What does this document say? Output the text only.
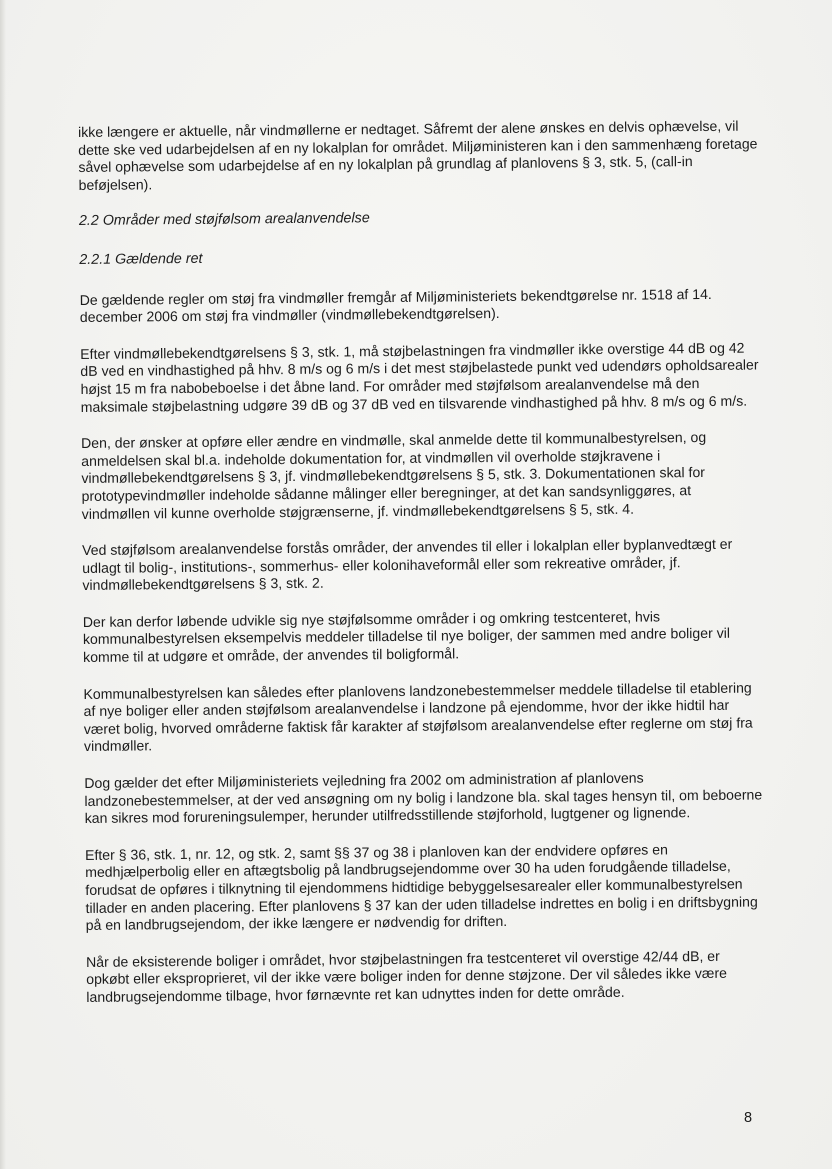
ikke længere er aktuelle, når vindmøllerne er nedtaget. Såfremt der alene ønskes en delvis ophævelse, vil dette ske ved udarbejdelsen af en ny lokalplan for området. Miljøministeren kan i den sammenhæng foretage såvel ophævelse som udarbejdelse af en ny lokalplan på grundlag af planlovens § 3, stk. 5, (call-in beføjelsen).

2.2 Områder med støjfølsom arealanvendelse

2.2.1 Gældende ret

De gældende regler om støj fra vindmøller fremgår af Miljøministeriets bekendtgørelse nr. 1518 af 14. december 2006 om støj fra vindmøller (vindmøllebekendtgørelsen).

Efter vindmøllebekendtgørelsens § 3, stk. 1, må støjbelastningen fra vindmøller ikke overstige 44 dB og 42 dB ved en vindhastighed på hhv. 8 m/s og 6 m/s i det mest støjbelastede punkt ved udendørs opholdsarealer højst 15 m fra nabobeboelse i det åbne land. For områder med støjfølsom arealanvendelse må den maksimale støjbelastning udgøre 39 dB og 37 dB ved en tilsvarende vindhastighed på hhv. 8 m/s og 6 m/s.

Den, der ønsker at opføre eller ændre en vindmølle, skal anmelde dette til kommunalbestyrelsen, og anmeldelsen skal bl.a. indeholde dokumentation for, at vindmøllen vil overholde støjkravene i vindmøllebekendtgørelsens § 3, jf. vindmøllebekendtgørelsens § 5, stk. 3. Dokumentationen skal for prototypevindmøller indeholde sådanne målinger eller beregninger, at det kan sandsynliggøres, at vindmøllen vil kunne overholde støjgrænserne, jf. vindmøllebekendtgørelsens § 5, stk. 4.

Ved støjfølsom arealanvendelse forstås områder, der anvendes til eller i lokalplan eller byplanvedtægt er udlagt til bolig-, institutions-, sommerhus- eller kolonihaveformål eller som rekreative områder, jf. vindmøllebekendtgørelsens § 3, stk. 2.

Der kan derfor løbende udvikle sig nye støjfølsomme områder i og omkring testcenteret, hvis kommunalbestyrelsen eksempelvis meddeler tilladelse til nye boliger, der sammen med andre boliger vil komme til at udgøre et område, der anvendes til boligformål.

Kommunalbestyrelsen kan således efter planlovens landzonebestemmelser meddele tilladelse til etablering af nye boliger eller anden støjfølsom arealanvendelse i landzone på ejendomme, hvor der ikke hidtil har været bolig, hvorved områderne faktisk får karakter af støjfølsom arealanvendelse efter reglerne om støj fra vindmøller.

Dog gælder det efter Miljøministeriets vejledning fra 2002 om administration af planlovens landzonebestemmelser, at der ved ansøgning om ny bolig i landzone bla. skal tages hensyn til, om beboerne kan sikres mod forureningsulemper, herunder utilfredsstillende støjforhold, lugtgener og lignende.

Efter § 36, stk. 1, nr. 12, og stk. 2, samt §§ 37 og 38 i planloven kan der endvidere opføres en medhjælperbolig eller en aftægtsbolig på landbrugsejendomme over 30 ha uden forudgående tilladelse, forudsat de opføres i tilknytning til ejendommens hidtidige bebyggelsesarealer eller kommunalbestyrelsen tillader en anden placering. Efter planlovens § 37 kan der uden tilladelse indrettes en bolig i en driftsbygning på en landbrugsejendom, der ikke længere er nødvendig for driften.

Når de eksisterende boliger i området, hvor støjbelastningen fra testcenteret vil overstige 42/44 dB, er opkøbt eller eksproprieret, vil der ikke være boliger inden for denne støjzone. Der vil således ikke være landbrugsejendomme tilbage, hvor førnævnte ret kan udnyttes inden for dette område.

8
